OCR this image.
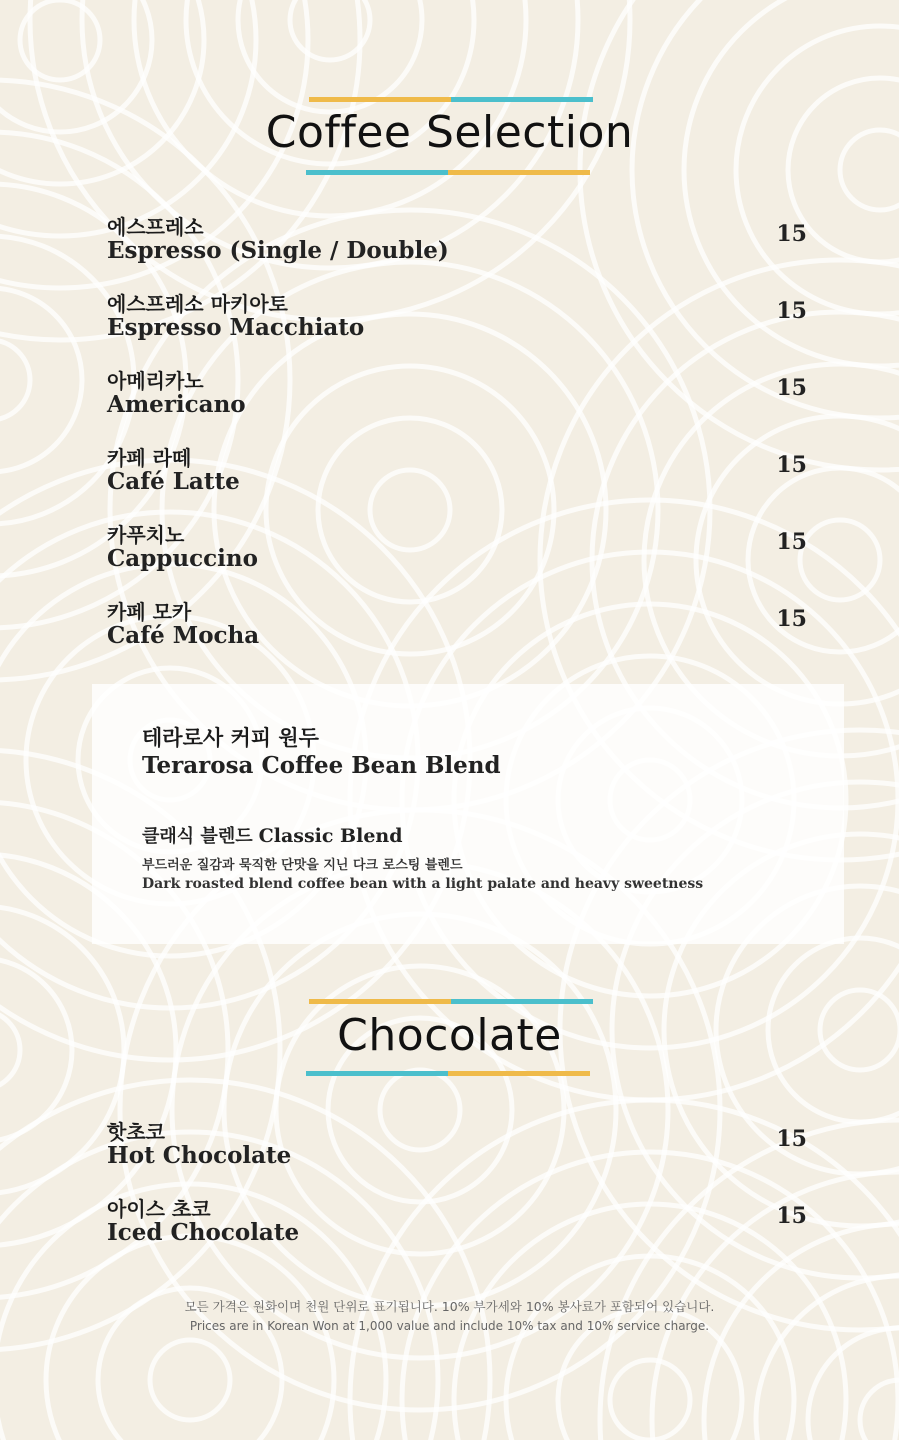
Coffee Selection
에스프레소
Espresso (Single / Double)
15
에스프레소 마키아토
Espresso Macchiato
15
아메리카노
Americano
15
카페 라떼
Café Latte
15
카푸치노
Cappuccino
15
카페 모카
Café Mocha
15
테라로사 커피 원두
Terarosa Coffee Bean Blend
클래식 블렌드 Classic Blend
부드러운 질감과 묵직한 단맛을 지닌 다크 로스팅 블렌드
Dark roasted blend coffee bean with a light palate and heavy sweetness
Chocolate
핫초코
Hot Chocolate
15
아이스 초코
Iced Chocolate
15
모든 가격은 원화이며 천원 단위로 표기됩니다. 10% 부가세와 10% 봉사료가 포함되어 있습니다.
Prices are in Korean Won at 1,000 value and include 10% tax and 10% service charge.
